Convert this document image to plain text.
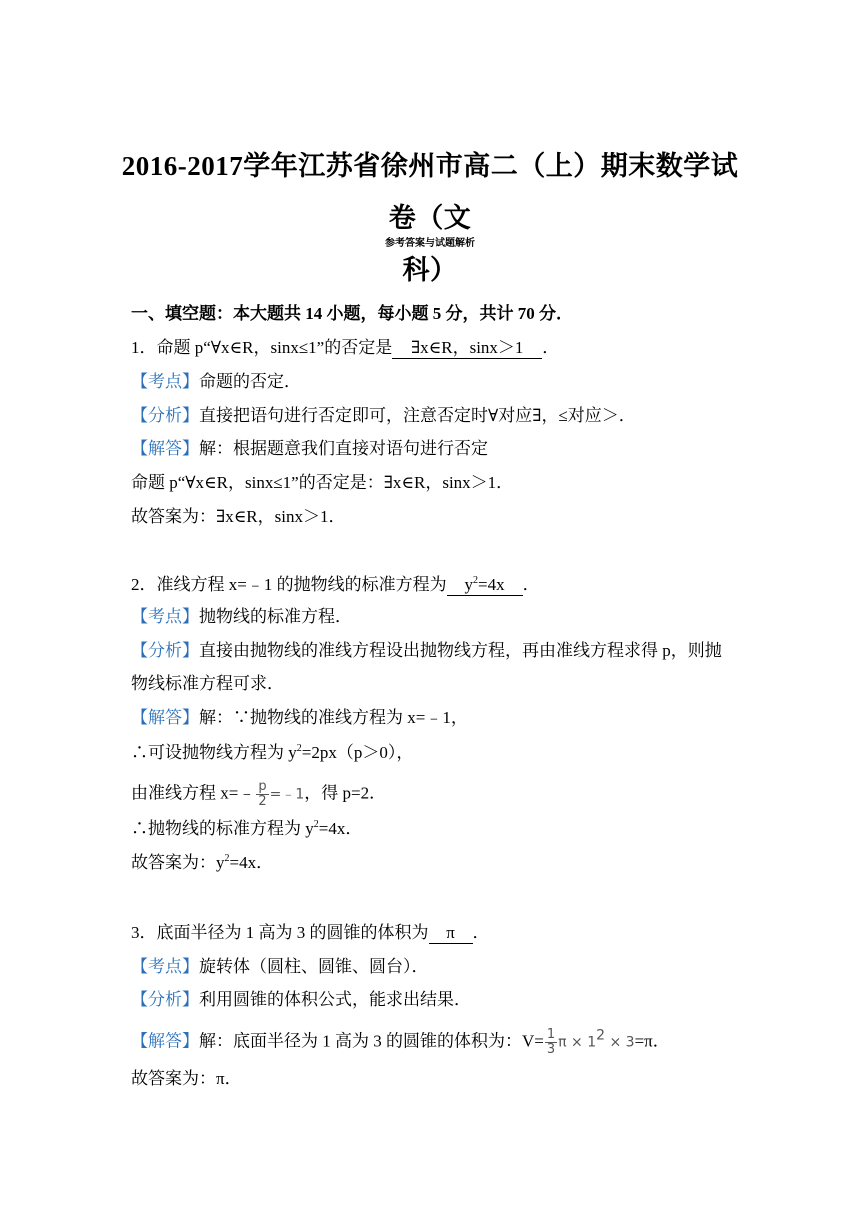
2016-2017学年江苏省徐州市高二（上）期末数学试卷（文
科）
参考答案与试题解析
一、填空题：本大题共 14 小题，每小题 5 分，共计 70 分．
1．命题 p“∀x∈R，sinx≤1”的否定是 ∃x∈R，sinx＞1 ．
【考点】命题的否定．
【分析】直接把语句进行否定即可，注意否定时∀对应∃，≤对应＞．
【解答】解：根据题意我们直接对语句进行否定
命题 p“∀x∈R，sinx≤1”的否定是：∃x∈R，sinx＞1．
故答案为：∃x∈R，sinx＞1．
2．准线方程 x=﹣1 的抛物线的标准方程为 $y^2=4x$ ．
【考点】抛物线的标准方程．
【分析】直接由抛物线的准线方程设出抛物线方程，再由准线方程求得 p，则抛
物线标准方程可求．
【解答】解：∵抛物线的准线方程为 x=﹣1，
∴可设抛物线方程为 $y^2=2px(p>0)$，
由准线方程 x=﹣ $\frac{p}{2}$ =﹣1，得 p=2．
∴抛物线的标准方程为 $y^2=4x$．
故答案为：$y^2=4x$．
3．底面半径为 1 高为 3 的圆锥的体积为 π ．
【考点】旋转体（圆柱、圆锥、圆台）．
【分析】利用圆锥的体积公式，能求出结果．
【解答】解：底面半径为 1 高为 3 的圆锥的体积为：$V= \frac{1}{3}$ $\pi \times 1^2 \times 3=\pi$．
故答案为：π．
